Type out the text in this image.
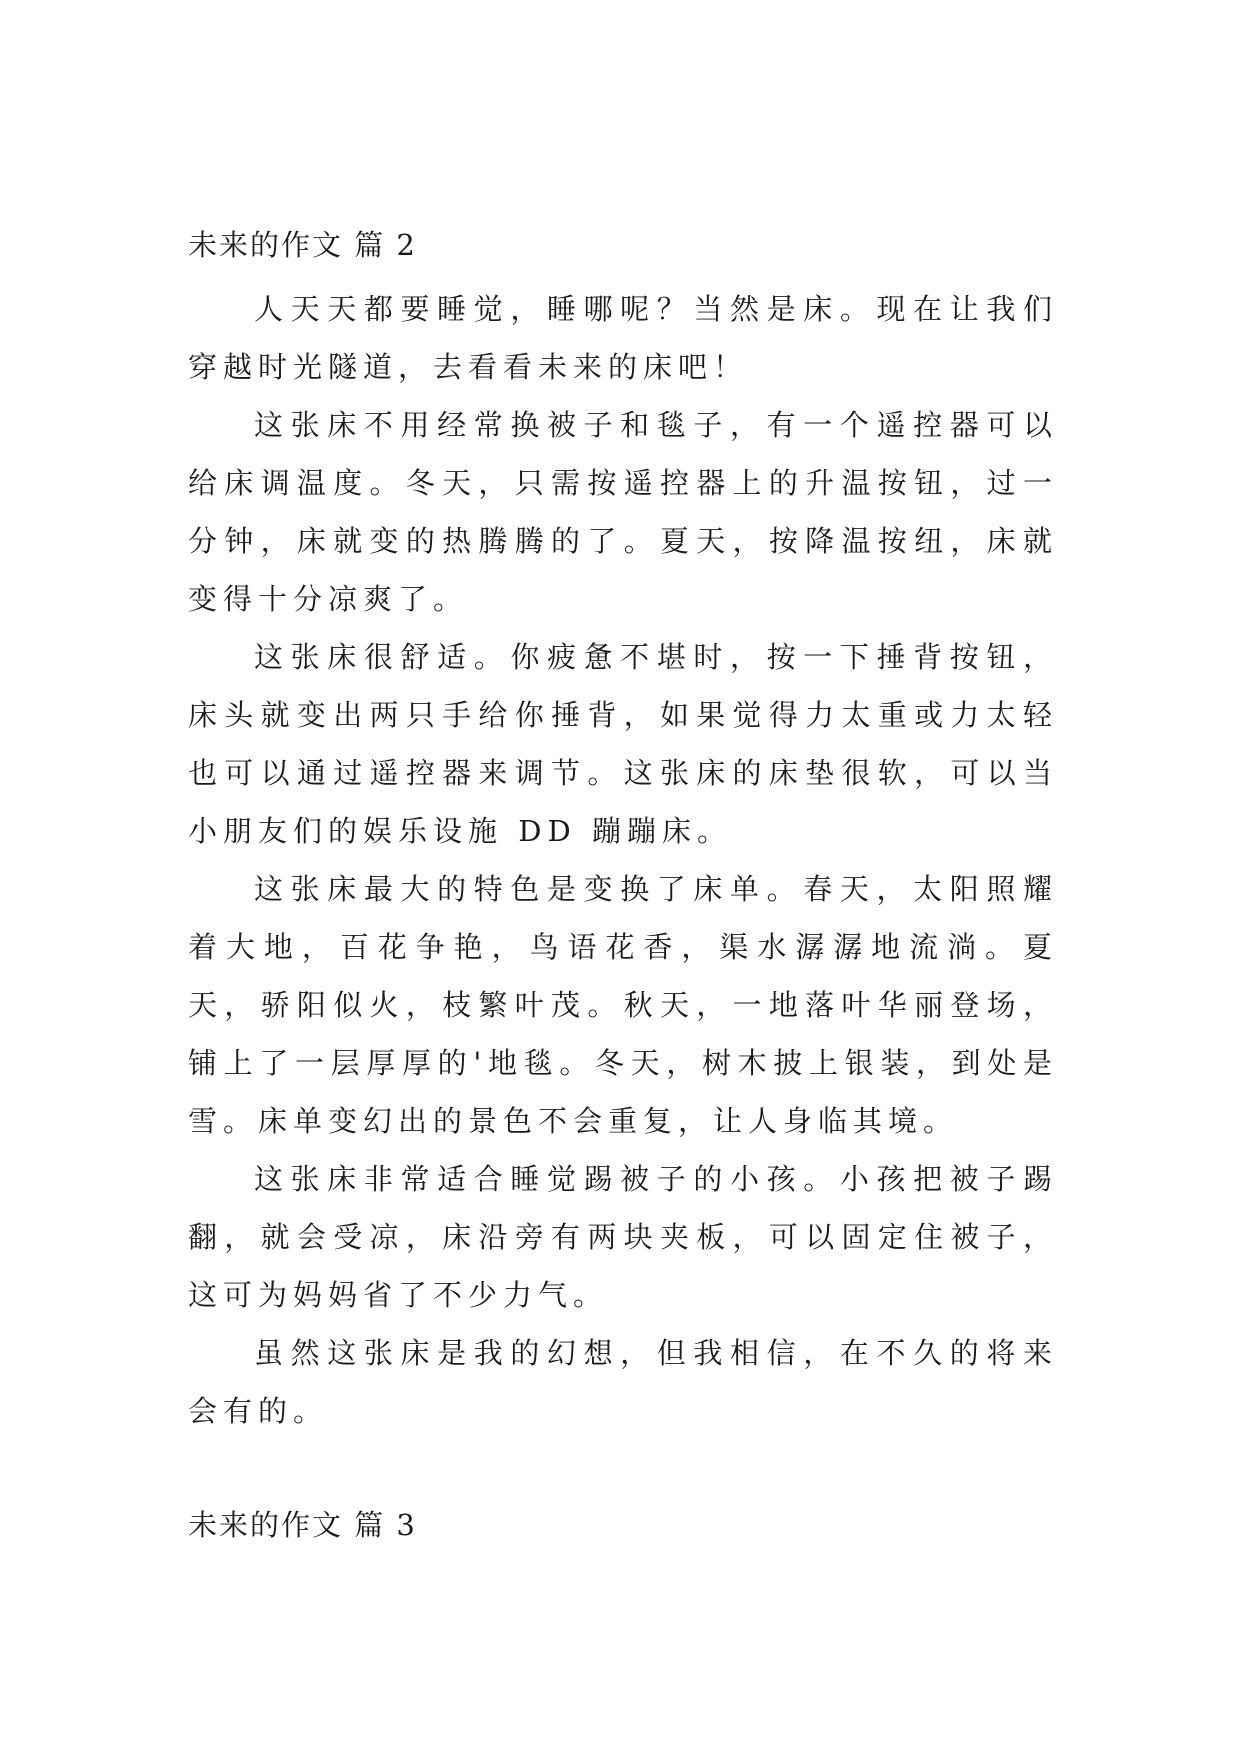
未来的作文 篇 2

人天天都要睡觉，睡哪呢？当然是床。现在让我们穿越时光隧道，去看看未来的床吧！

这张床不用经常换被子和毯子，有一个遥控器可以给床调温度。冬天，只需按遥控器上的升温按钮，过一分钟，床就变的热腾腾的了。夏天，按降温按纽，床就变得十分凉爽了。

这张床很舒适。你疲惫不堪时，按一下捶背按钮，床头就变出两只手给你捶背，如果觉得力太重或力太轻也可以通过遥控器来调节。这张床的床垫很软，可以当小朋友们的娱乐设施 DD 蹦蹦床。

这张床最大的特色是变换了床单。春天，太阳照耀着大地，百花争艳，鸟语花香，渠水潺潺地流淌。夏天，骄阳似火，枝繁叶茂。秋天，一地落叶华丽登场，铺上了一层厚厚的'地毯。冬天，树木披上银装，到处是雪。床单变幻出的景色不会重复，让人身临其境。

这张床非常适合睡觉踢被子的小孩。小孩把被子踢翻，就会受凉，床沿旁有两块夹板，可以固定住被子，这可为妈妈省了不少力气。

虽然这张床是我的幻想，但我相信，在不久的将来会有的。

未来的作文 篇 3
